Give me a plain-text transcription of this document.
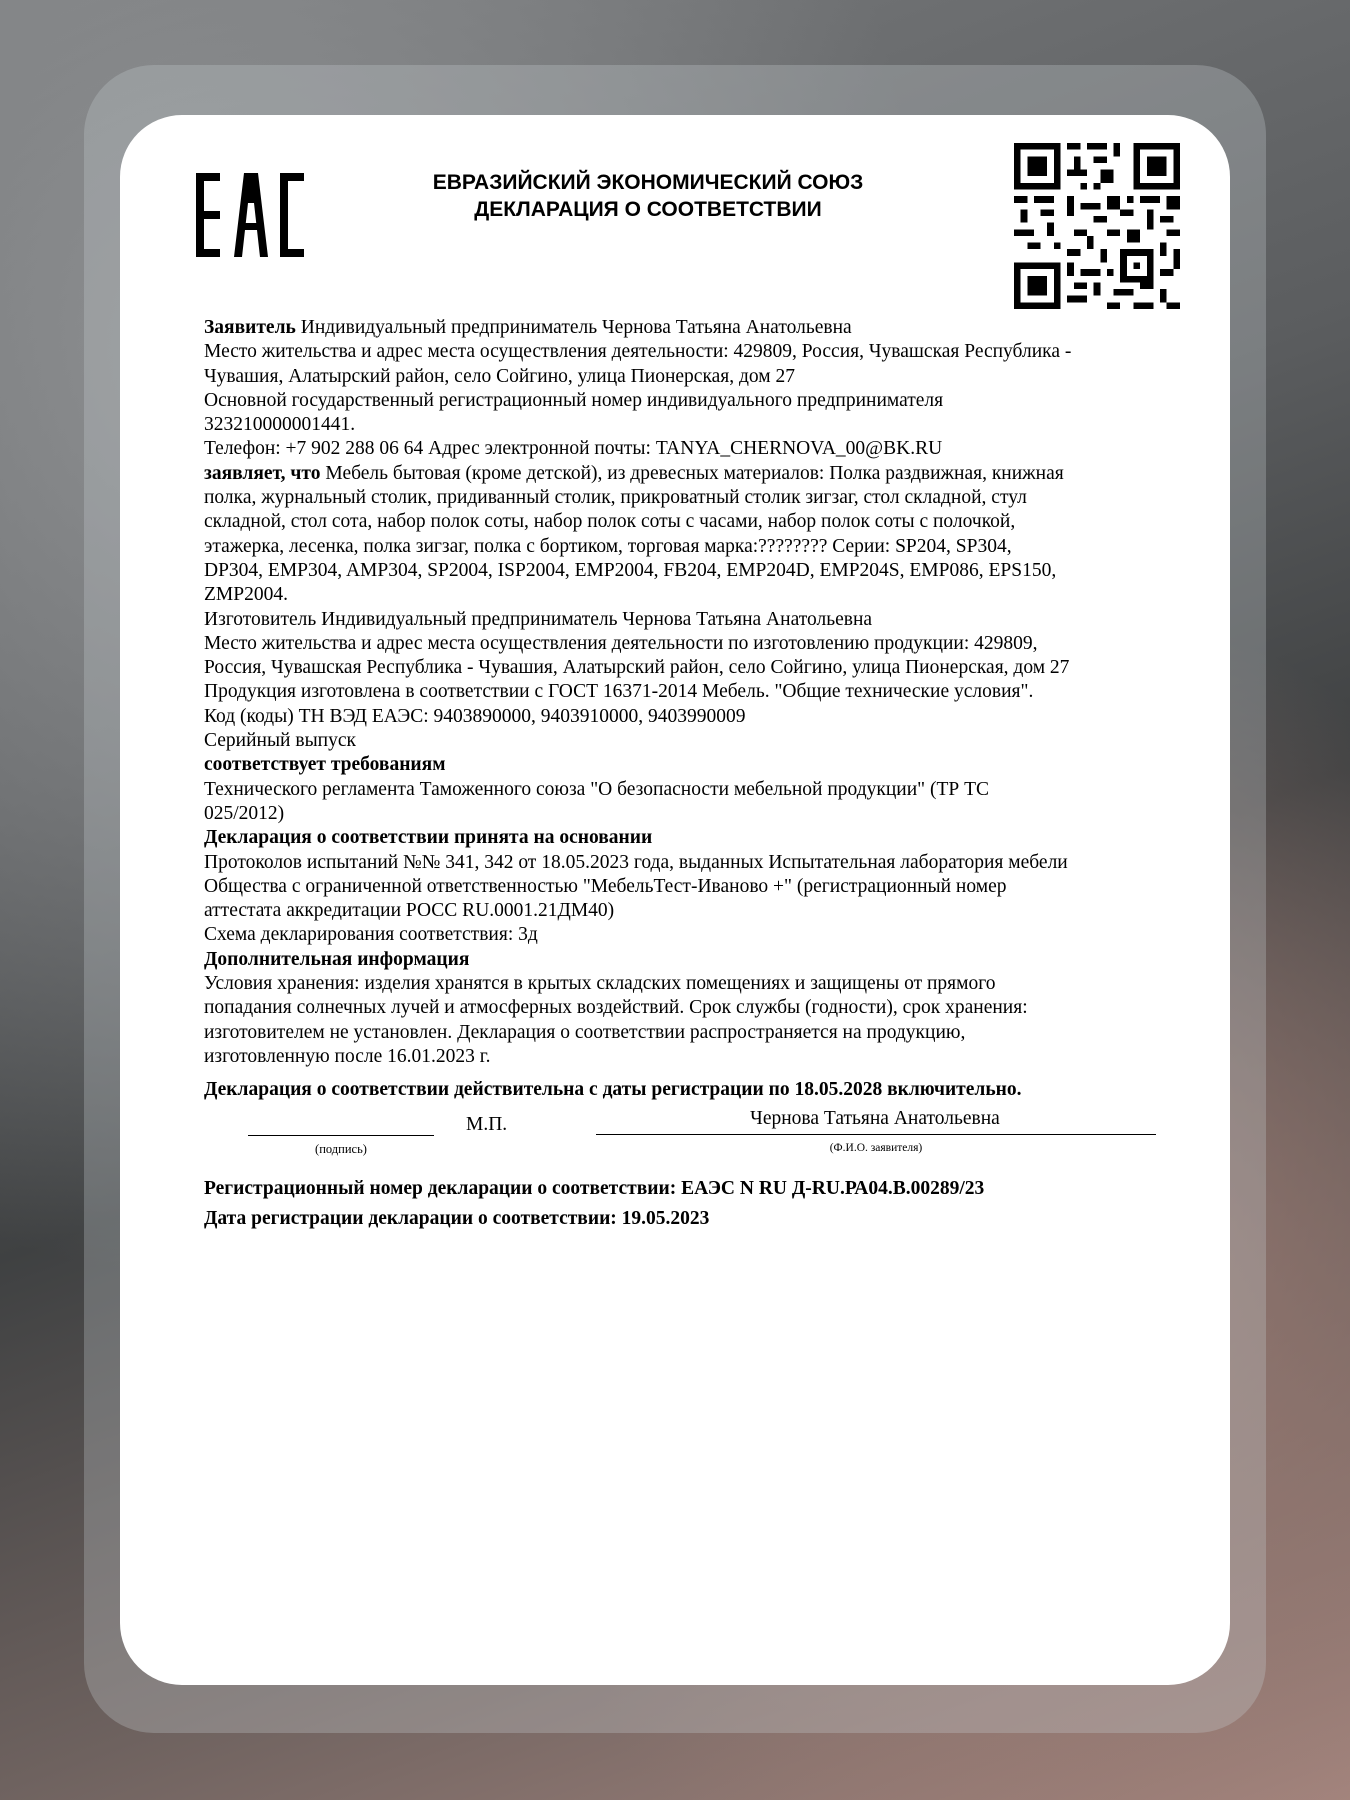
ЕВРАЗИЙСКИЙ ЭКОНОМИЧЕСКИЙ СОЮЗ
ДЕКЛАРАЦИЯ О СООТВЕТСТВИИ

Заявитель Индивидуальный предприниматель Чернова Татьяна Анатольевна

Место жительства и адрес места осуществления деятельности: 429809, Россия, Чувашская Республика -

Чувашия, Алатырский район, село Сойгино, улица Пионерская, дом 27

Основной государственный регистрационный номер индивидуального предпринимателя

323210000001441.

Телефон: +7 902 288 06 64 Адрес электронной почты: TANYA_CHERNOVA_00@BK.RU

заявляет, что Мебель бытовая (кроме детской), из древесных материалов: Полка раздвижная, книжная

полка, журнальный столик, придиванный столик, прикроватный столик зигзаг, стол складной, стул

складной, стол сота, набор полок соты, набор полок соты с часами, набор полок соты с полочкой,

этажерка, лесенка, полка зигзаг, полка с бортиком, торговая марка:???????? Серии: SP204, SP304,

DP304, EMP304, AMP304, SP2004, ISP2004, EMP2004, FB204, EMP204D, EMP204S, EMP086, EPS150,

ZMP2004.

Изготовитель Индивидуальный предприниматель Чернова Татьяна Анатольевна

Место жительства и адрес места осуществления деятельности по изготовлению продукции: 429809,

Россия, Чувашская Республика - Чувашия, Алатырский район, село Сойгино, улица Пионерская, дом 27

Продукция изготовлена в соответствии с ГОСТ 16371-2014 Мебель. "Общие технические условия".

Код (коды) ТН ВЭД ЕАЭС: 9403890000, 9403910000, 9403990009

Серийный выпуск

соответствует требованиям

Технического регламента Таможенного союза "О безопасности мебельной продукции" (ТР ТС

025/2012)

Декларация о соответствии принята на основании

Протоколов испытаний №№ 341, 342 от 18.05.2023 года, выданных Испытательная лаборатория мебели

Общества с ограниченной ответственностью "МебельТест-Иваново +" (регистрационный номер

аттестата аккредитации РОСС RU.0001.21ДМ40)

Схема декларирования соответствия: 3д

Дополнительная информация

Условия хранения: изделия хранятся в крытых складских помещениях и защищены от прямого

попадания солнечных лучей и атмосферных воздействий. Срок службы (годности), срок хранения:

изготовителем не установлен. Декларация о соответствии распространяется на продукцию,

изготовленную после 16.01.2023 г.

Декларация о соответствии действительна с даты регистрации по 18.05.2028 включительно.

(подпись)
М.П.	Чернова Татьяна Анатольевна
(Ф.И.О. заявителя)

Регистрационный номер декларации о соответствии: ЕАЭС N RU Д-RU.РА04.В.00289/23

Дата регистрации декларации о соответствии: 19.05.2023
